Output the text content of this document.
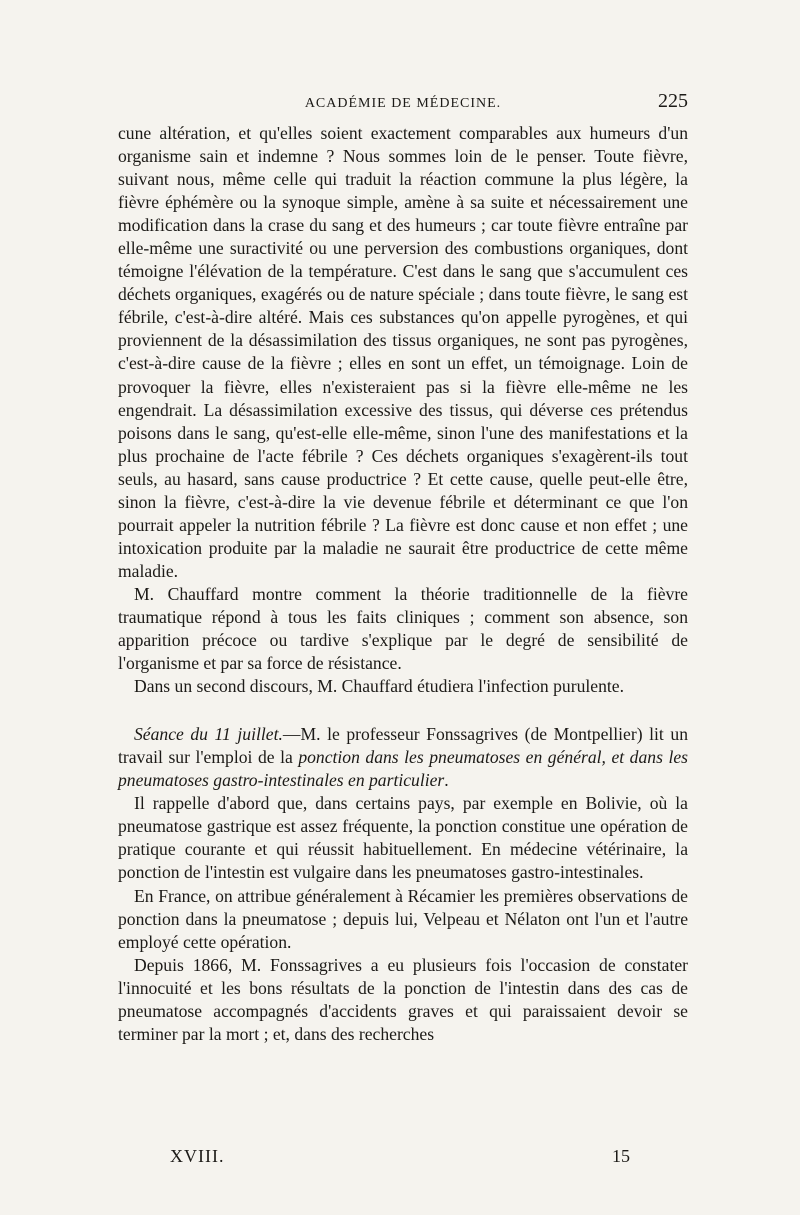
ACADÉMIE DE MÉDECINE.	225

cune altération, et qu'elles soient exactement comparables aux humeurs d'un organisme sain et indemne ? Nous sommes loin de le penser. Toute fièvre, suivant nous, même celle qui traduit la réaction commune la plus légère, la fièvre éphémère ou la synoque simple, amène à sa suite et nécessairement une modification dans la crase du sang et des humeurs ; car toute fièvre entraîne par elle-même une suractivité ou une perversion des combustions organiques, dont témoigne l'élévation de la température. C'est dans le sang que s'accumulent ces déchets organiques, exagérés ou de nature spéciale ; dans toute fièvre, le sang est fébrile, c'est-à-dire altéré. Mais ces substances qu'on appelle pyrogènes, et qui proviennent de la désassimilation des tissus organiques, ne sont pas pyrogènes, c'est-à-dire cause de la fièvre ; elles en sont un effet, un témoignage. Loin de provoquer la fièvre, elles n'existeraient pas si la fièvre elle-même ne les engendrait. La désassimilation excessive des tissus, qui déverse ces prétendus poisons dans le sang, qu'est-elle elle-même, sinon l'une des manifestations et la plus prochaine de l'acte fébrile ? Ces déchets organiques s'exagèrent-ils tout seuls, au hasard, sans cause productrice ? Et cette cause, quelle peut-elle être, sinon la fièvre, c'est-à-dire la vie devenue fébrile et déterminant ce que l'on pourrait appeler la nutrition fébrile ? La fièvre est donc cause et non effet ; une intoxication produite par la maladie ne saurait être productrice de cette même maladie.

M. Chauffard montre comment la théorie traditionnelle de la fièvre traumatique répond à tous les faits cliniques ; comment son absence, son apparition précoce ou tardive s'explique par le degré de sensibilité de l'organisme et par sa force de résistance.

Dans un second discours, M. Chauffard étudiera l'infection purulente.

Séance du 11 juillet.—M. le professeur Fonssagrives (de Montpellier) lit un travail sur l'emploi de la ponction dans les pneumatoses en général, et dans les pneumatoses gastro-intestinales en particulier.

Il rappelle d'abord que, dans certains pays, par exemple en Bolivie, où la pneumatose gastrique est assez fréquente, la ponction constitue une opération de pratique courante et qui réussit habituellement. En médecine vétérinaire, la ponction de l'intestin est vulgaire dans les pneumatoses gastro-intestinales.

En France, on attribue généralement à Récamier les premières observations de ponction dans la pneumatose ; depuis lui, Velpeau et Nélaton ont l'un et l'autre employé cette opération.

Depuis 1866, M. Fonssagrives a eu plusieurs fois l'occasion de constater l'innocuité et les bons résultats de la ponction de l'intestin dans des cas de pneumatose accompagnés d'accidents graves et qui paraissaient devoir se terminer par la mort ; et, dans des recherches

XVIII.	15
